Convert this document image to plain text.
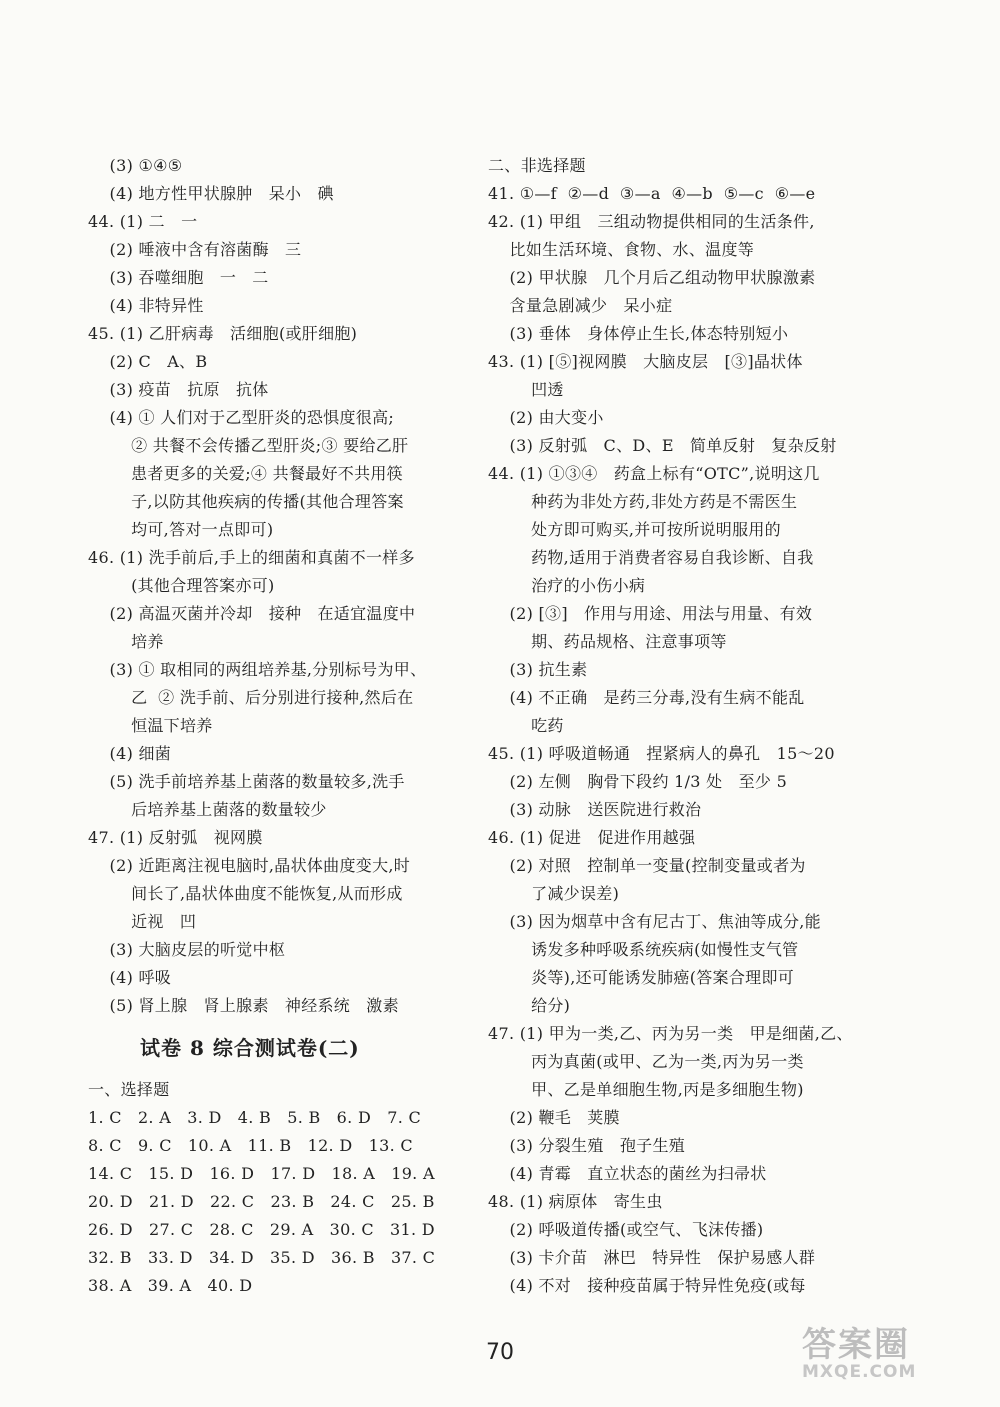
(3) ①④⑤
(4) 地方性甲状腺肿   呆小   碘
44. (1) 二   一
(2) 唾液中含有溶菌酶   三
(3) 吞噬细胞   一   二
(4) 非特异性
45. (1) 乙肝病毒   活细胞(或肝细胞)
(2) C   A、B
(3) 疫苗   抗原   抗体
(4) ① 人们对于乙型肝炎的恐惧度很高;
② 共餐不会传播乙型肝炎;③ 要给乙肝
患者更多的关爱;④ 共餐最好不共用筷
子,以防其他疾病的传播(其他合理答案
均可,答对一点即可)
46. (1) 洗手前后,手上的细菌和真菌不一样多
(其他合理答案亦可)
(2) 高温灭菌并冷却   接种   在适宜温度中
培养
(3) ① 取相同的两组培养基,分别标号为甲、
乙  ② 洗手前、后分别进行接种,然后在
恒温下培养
(4) 细菌
(5) 洗手前培养基上菌落的数量较多,洗手
后培养基上菌落的数量较少
47. (1) 反射弧   视网膜
(2) 近距离注视电脑时,晶状体曲度变大,时
间长了,晶状体曲度不能恢复,从而形成
近视   凹
(3) 大脑皮层的听觉中枢
(4) 呼吸
(5) 肾上腺   肾上腺素   神经系统   激素
试卷 8 综合测试卷(二)
一、选择题
1. C   2. A   3. D   4. B   5. B   6. D   7. C
8. C   9. C   10. A   11. B   12. D   13. C
14. C   15. D   16. D   17. D   18. A   19. A
20. D   21. D   22. C   23. B   24. C   25. B
26. D   27. C   28. C   29. A   30. C   31. D
32. B   33. D   34. D   35. D   36. B   37. C
38. A   39. A   40. D
二、非选择题
41. ①—f  ②—d  ③—a  ④—b  ⑤—c  ⑥—e
42. (1) 甲组   三组动物提供相同的生活条件,
比如生活环境、食物、水、温度等
(2) 甲状腺   几个月后乙组动物甲状腺激素
含量急剧减少   呆小症
(3) 垂体   身体停止生长,体态特别短小
43. (1) [⑤]视网膜   大脑皮层   [③]晶状体
凹透
(2) 由大变小
(3) 反射弧   C、D、E   简单反射   复杂反射
44. (1) ①③④   药盒上标有“OTC”,说明这几
种药为非处方药,非处方药是不需医生
处方即可购买,并可按所说明服用的
药物,适用于消费者容易自我诊断、自我
治疗的小伤小病
(2) [③]   作用与用途、用法与用量、有效
期、药品规格、注意事项等
(3) 抗生素
(4) 不正确   是药三分毒,没有生病不能乱
吃药
45. (1) 呼吸道畅通   捏紧病人的鼻孔   15～20
(2) 左侧   胸骨下段约 1/3 处   至少 5
(3) 动脉   送医院进行救治
46. (1) 促进   促进作用越强
(2) 对照   控制单一变量(控制变量或者为
了减少误差)
(3) 因为烟草中含有尼古丁、焦油等成分,能
诱发多种呼吸系统疾病(如慢性支气管
炎等),还可能诱发肺癌(答案合理即可
给分)
47. (1) 甲为一类,乙、丙为另一类   甲是细菌,乙、
丙为真菌(或甲、乙为一类,丙为另一类
甲、乙是单细胞生物,丙是多细胞生物)
(2) 鞭毛   荚膜
(3) 分裂生殖   孢子生殖
(4) 青霉   直立状态的菌丝为扫帚状
48. (1) 病原体   寄生虫
(2) 呼吸道传播(或空气、飞沫传播)
(3) 卡介苗   淋巴   特异性   保护易感人群
(4) 不对   接种疫苗属于特异性免疫(或每
70	答案圈
MXQE.COM
